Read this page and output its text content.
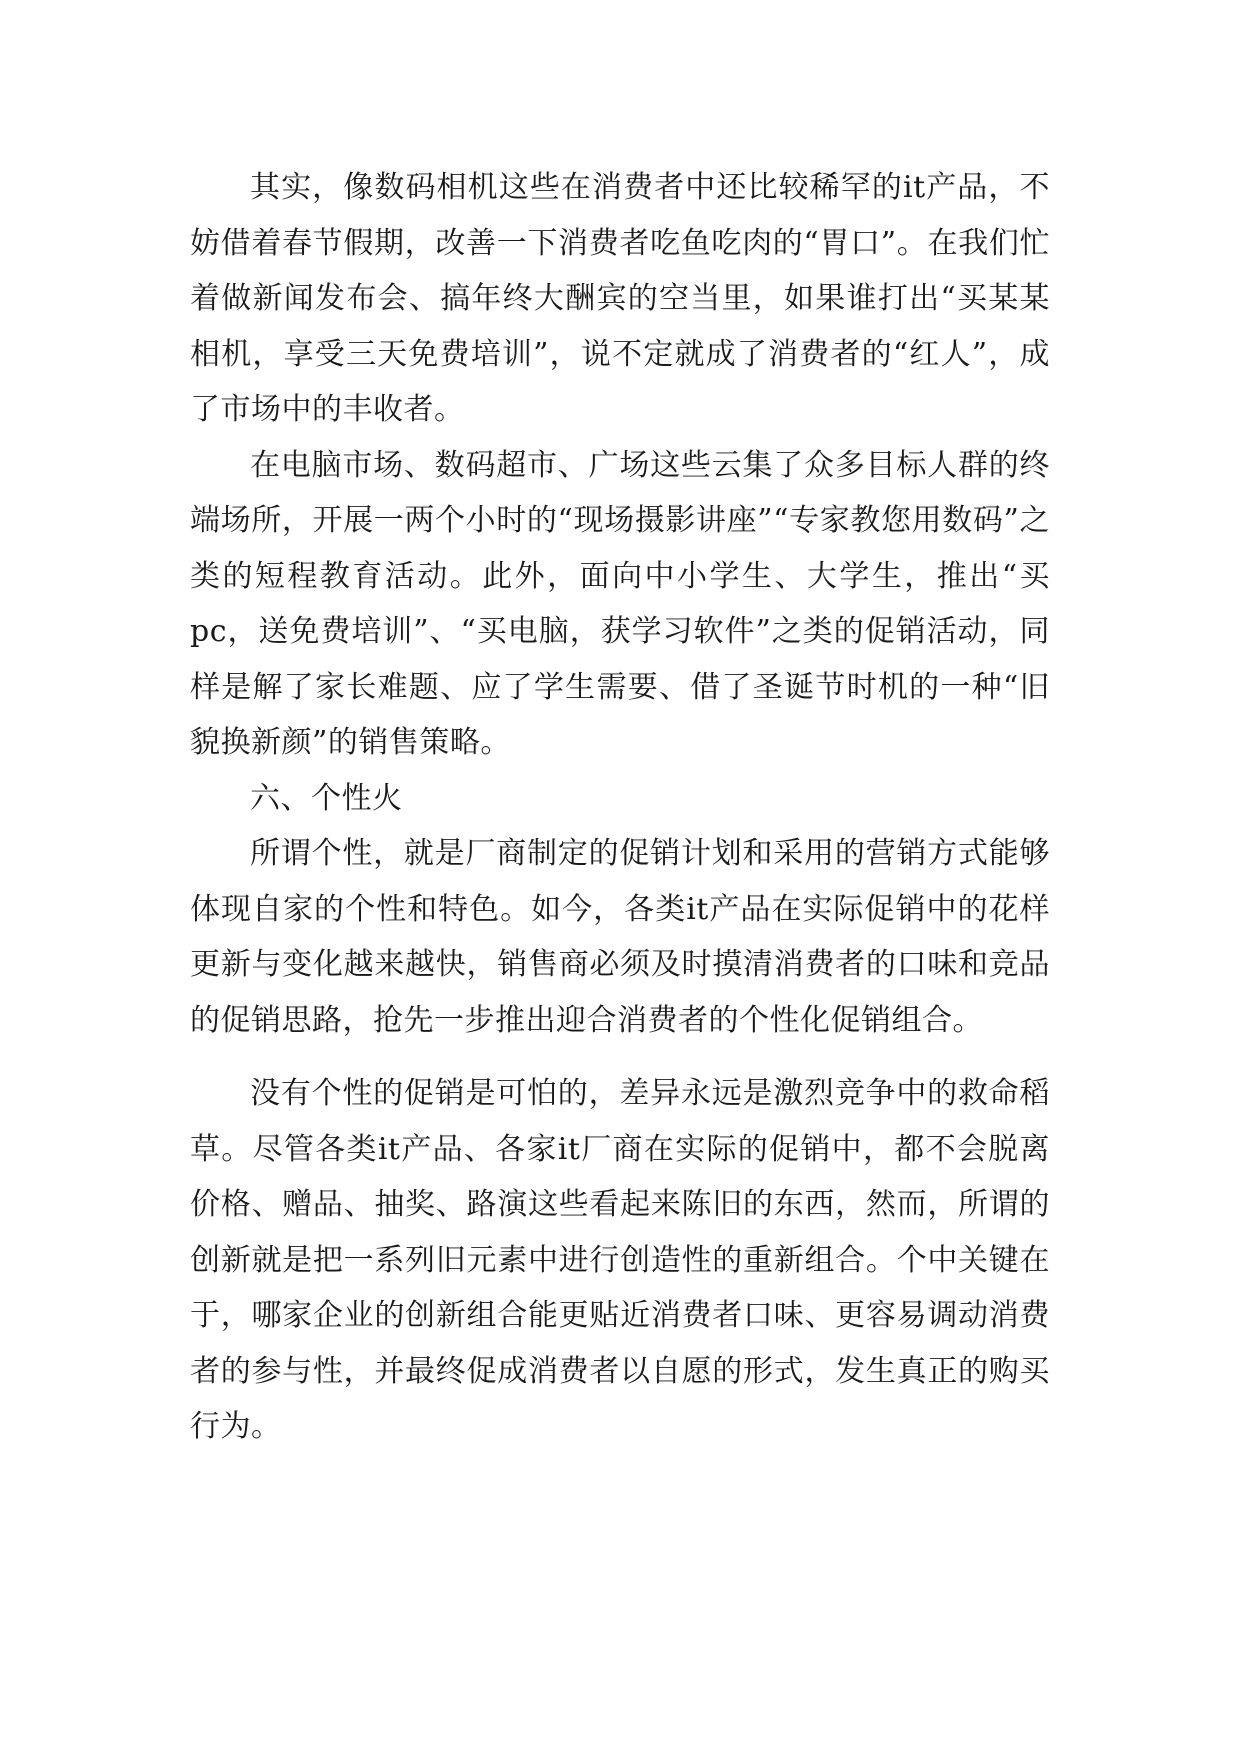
其实，像数码相机这些在消费者中还比较稀罕的it产品，不妨借着春节假期，改善一下消费者吃鱼吃肉的“胃口”。在我们忙着做新闻发布会、搞年终大酬宾的空当里，如果谁打出“买某某相机，享受三天免费培训”，说不定就成了消费者的“红人”，成了市场中的丰收者。

在电脑市场、数码超市、广场这些云集了众多目标人群的终端场所，开展一两个小时的“现场摄影讲座”“专家教您用数码”之类的短程教育活动。此外，面向中小学生、大学生，推出“买pc，送免费培训”、“买电脑，获学习软件”之类的促销活动，同样是解了家长难题、应了学生需要、借了圣诞节时机的一种“旧貌换新颜”的销售策略。

六、个性火

所谓个性，就是厂商制定的促销计划和采用的营销方式能够体现自家的个性和特色。如今，各类it产品在实际促销中的花样更新与变化越来越快，销售商必须及时摸清消费者的口味和竞品的促销思路，抢先一步推出迎合消费者的个性化促销组合。

没有个性的促销是可怕的，差异永远是激烈竞争中的救命稻草。尽管各类it产品、各家it厂商在实际的促销中，都不会脱离价格、赠品、抽奖、路演这些看起来陈旧的东西，然而，所谓的创新就是把一系列旧元素中进行创造性的重新组合。个中关键在于，哪家企业的创新组合能更贴近消费者口味、更容易调动消费者的参与性，并最终促成消费者以自愿的形式，发生真正的购买行为。
